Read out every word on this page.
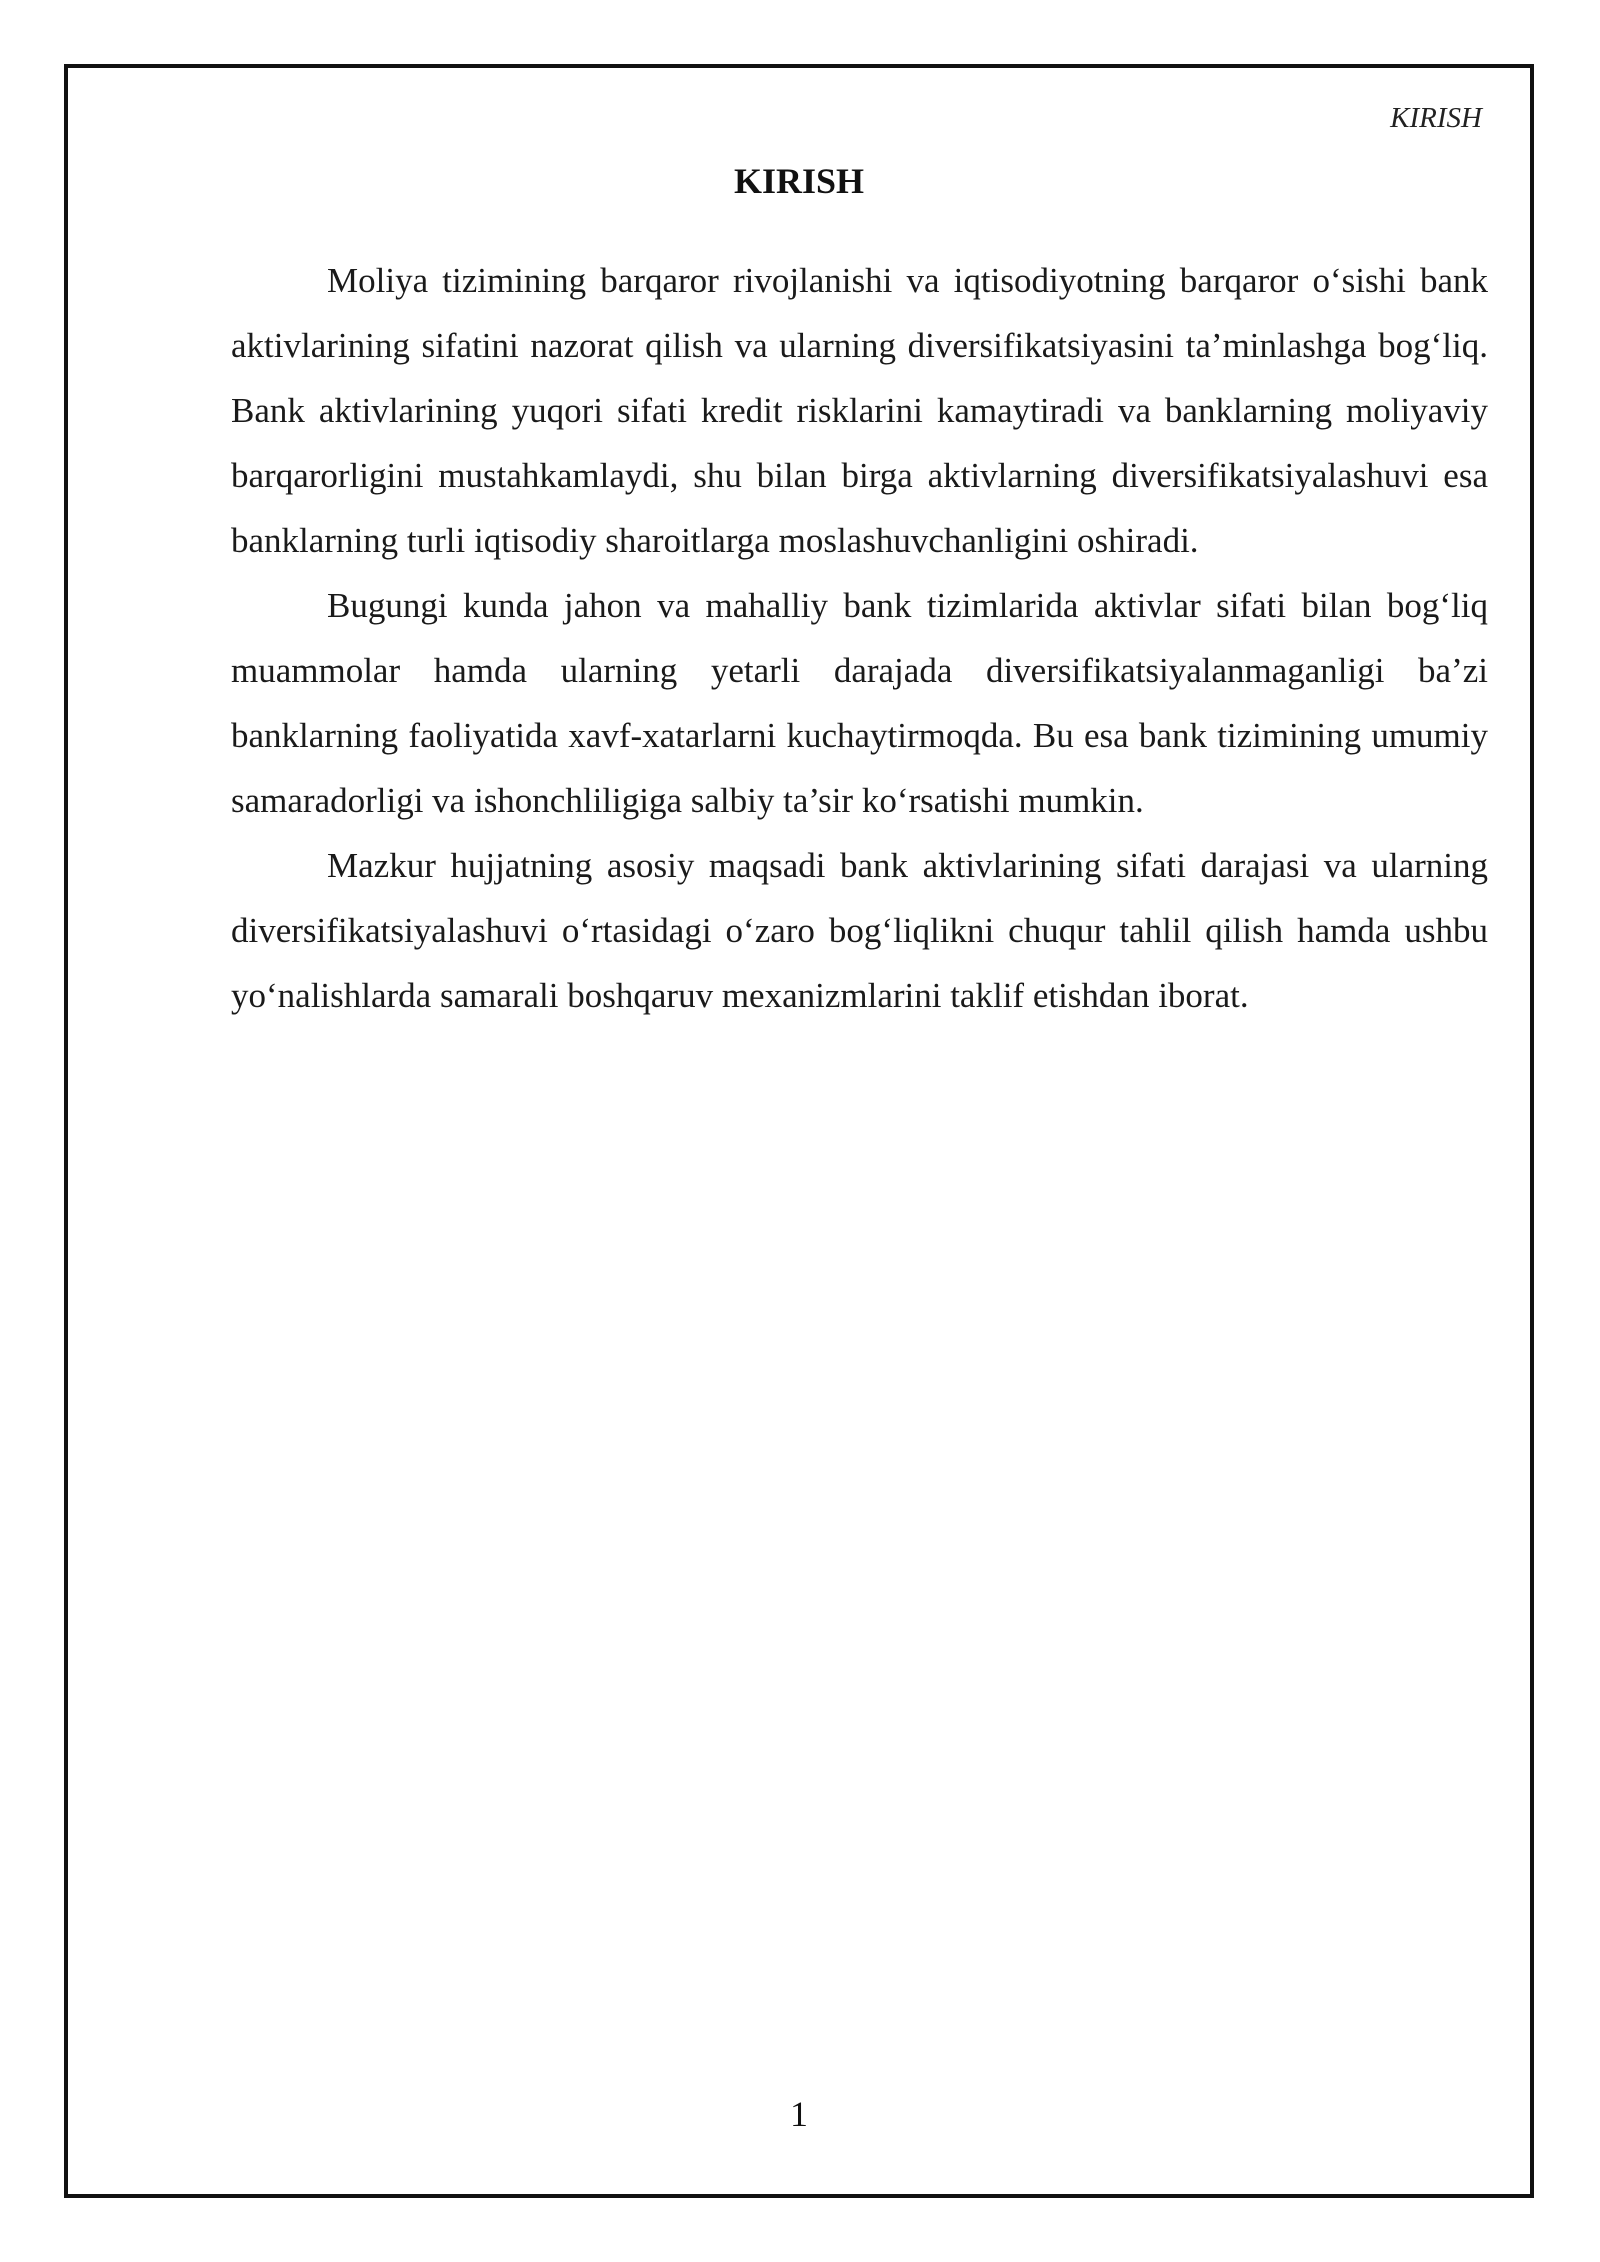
KIRISH
KIRISH

Moliya tizimining barqaror rivojlanishi va iqtisodiyotning barqaror o‘sishi bank aktivlarining sifatini nazorat qilish va ularning diversifikatsiyasini ta’minlashga bog‘liq. Bank aktivlarining yuqori sifati kredit risklarini kamaytiradi va banklarning moliyaviy barqarorligini mustahkamlaydi, shu bilan birga aktivlarning diversifikatsiyalashuvi esa banklarning turli iqtisodiy sharoitlarga moslashuvchanligini oshiradi.

Bugungi kunda jahon va mahalliy bank tizimlarida aktivlar sifati bilan bog‘liq muammolar hamda ularning yetarli darajada diversifikatsiyalanmaganligi ba’zi banklarning faoliyatida xavf-xatarlarni kuchaytirmoqda. Bu esa bank tizimining umumiy samaradorligi va ishonchliligiga salbiy ta’sir ko‘rsatishi mumkin.

Mazkur hujjatning asosiy maqsadi bank aktivlarining sifati darajasi va ularning diversifikatsiyalashuvi o‘rtasidagi o‘zaro bog‘liqlikni chuqur tahlil qilish hamda ushbu yo‘nalishlarda samarali boshqaruv mexanizmlarini taklif etishdan iborat.

1
